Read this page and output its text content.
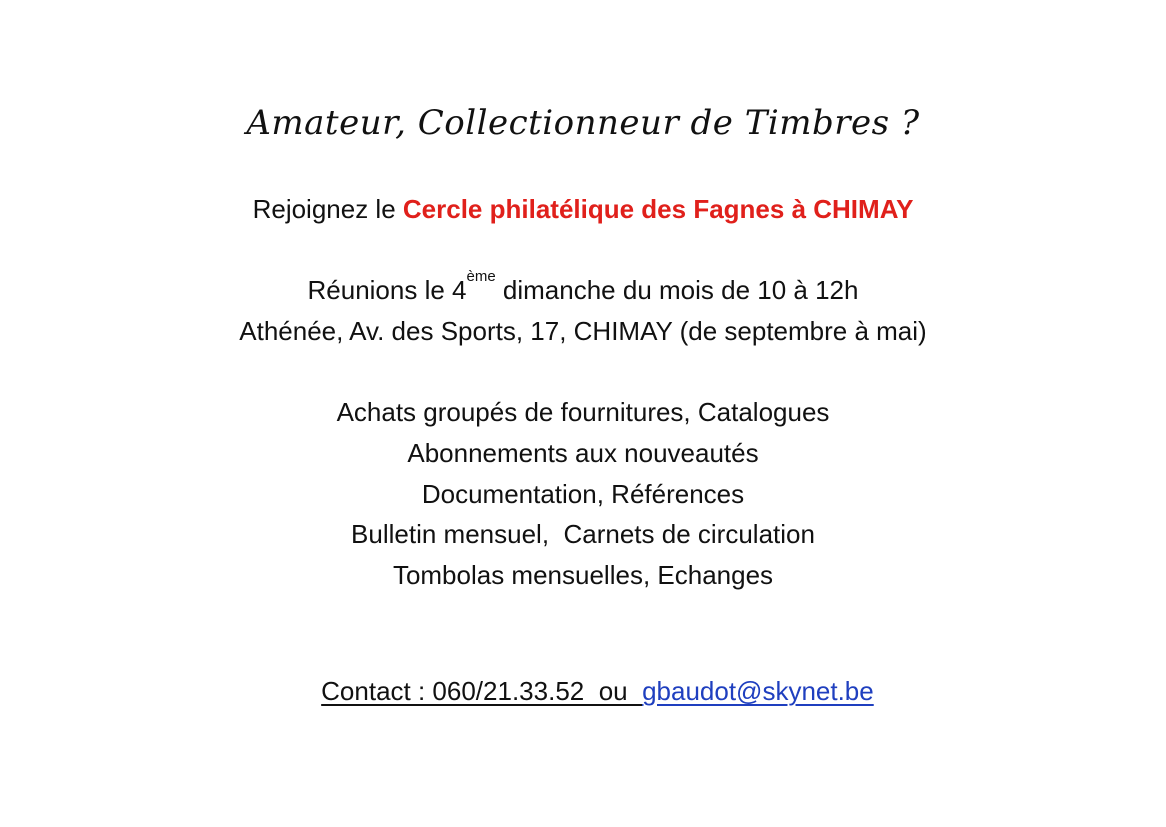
Amateur, Collectionneur de Timbres ?
Rejoignez le Cercle philatélique des Fagnes à CHIMAY
Réunions le 4ème dimanche du mois de 10 à 12h
Athénée, Av. des Sports, 17, CHIMAY (de septembre à mai)
Achats groupés de fournitures, Catalogues
Abonnements aux nouveautés
Documentation, Références
Bulletin mensuel,  Carnets de circulation
Tombolas mensuelles, Echanges

Contact : 060/21.33.52  ou  gbaudot@skynet.be
